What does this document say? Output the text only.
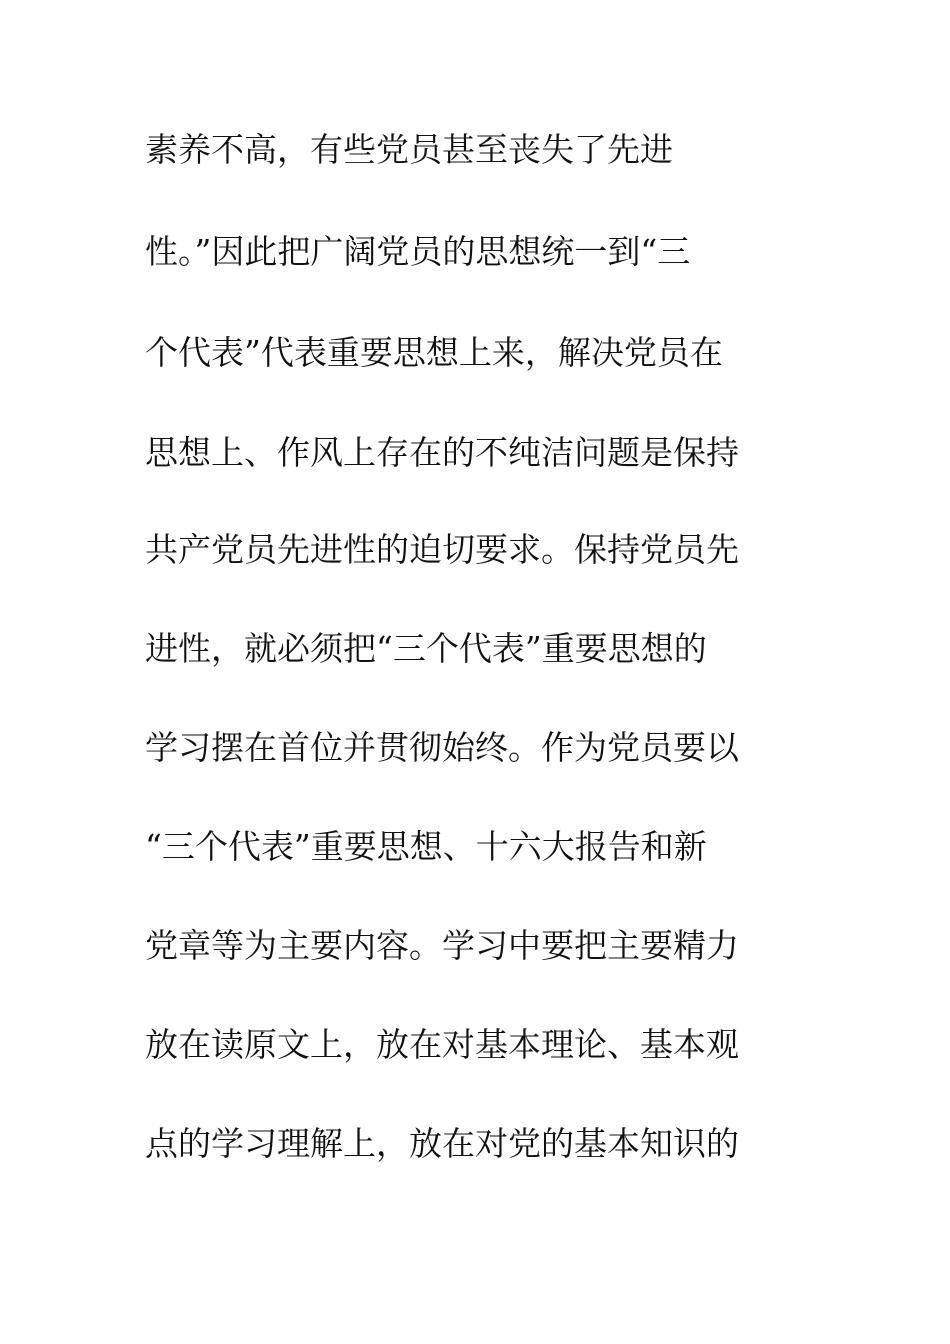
素养不高，有些党员甚至丧失了先进
性。”因此把广阔党员的思想统一到“三
个代表”代表重要思想上来，解决党员在
思想上、作风上存在的不纯洁问题是保持
共产党员先进性的迫切要求。保持党员先
进性，就必须把“三个代表”重要思想的
学习摆在首位并贯彻始终。作为党员要以
“三个代表”重要思想、十六大报告和新
党章等为主要内容。学习中要把主要精力
放在读原文上，放在对基本理论、基本观
点的学习理解上，放在对党的基本知识的
